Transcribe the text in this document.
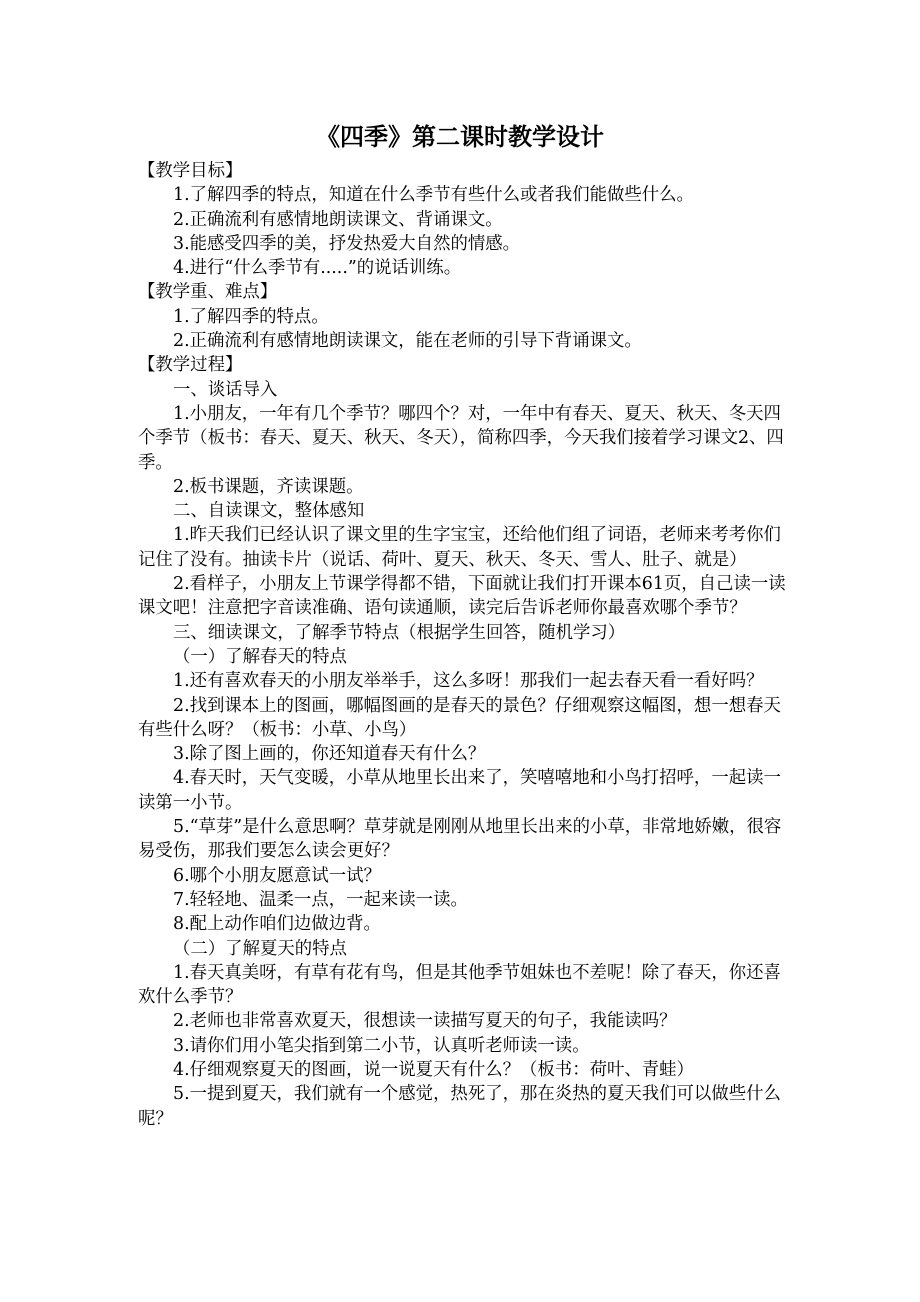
《四季》第二课时教学设计

【教学目标】

1.了解四季的特点，知道在什么季节有些什么或者我们能做些什么。

2.正确流利有感情地朗读课文、背诵课文。

3.能感受四季的美，抒发热爱大自然的情感。

4.进行“什么季节有.....”的说话训练。

【教学重、难点】

1.了解四季的特点。

2.正确流利有感情地朗读课文，能在老师的引导下背诵课文。

【教学过程】

一、谈话导入

1.小朋友，一年有几个季节？哪四个？对，一年中有春天、夏天、秋天、冬天四个季节（板书：春天、夏天、秋天、冬天），简称四季，今天我们接着学习课文2、四季。

2.板书课题，齐读课题。

二、自读课文，整体感知

1.昨天我们已经认识了课文里的生字宝宝，还给他们组了词语，老师来考考你们记住了没有。抽读卡片（说话、荷叶、夏天、秋天、冬天、雪人、肚子、就是）

2.看样子，小朋友上节课学得都不错，下面就让我们打开课本61页，自己读一读课文吧！注意把字音读准确、语句读通顺，读完后告诉老师你最喜欢哪个季节？

三、细读课文，了解季节特点（根据学生回答，随机学习）

（一）了解春天的特点

1.还有喜欢春天的小朋友举举手，这么多呀！那我们一起去春天看一看好吗？

2.找到课本上的图画，哪幅图画的是春天的景色？仔细观察这幅图，想一想春天有些什么呀？（板书：小草、小鸟）

3.除了图上画的，你还知道春天有什么？

4.春天时，天气变暖，小草从地里长出来了，笑嘻嘻地和小鸟打招呼，一起读一读第一小节。

5.“草芽”是什么意思啊？草芽就是刚刚从地里长出来的小草，非常地娇嫩，很容易受伤，那我们要怎么读会更好？

6.哪个小朋友愿意试一试？

7.轻轻地、温柔一点，一起来读一读。

8.配上动作咱们边做边背。

（二）了解夏天的特点

1.春天真美呀，有草有花有鸟，但是其他季节姐妹也不差呢！除了春天，你还喜欢什么季节？

2.老师也非常喜欢夏天，很想读一读描写夏天的句子，我能读吗？

3.请你们用小笔尖指到第二小节，认真听老师读一读。

4.仔细观察夏天的图画，说一说夏天有什么？（板书：荷叶、青蛙）

5.一提到夏天，我们就有一个感觉，热死了，那在炎热的夏天我们可以做些什么呢？
